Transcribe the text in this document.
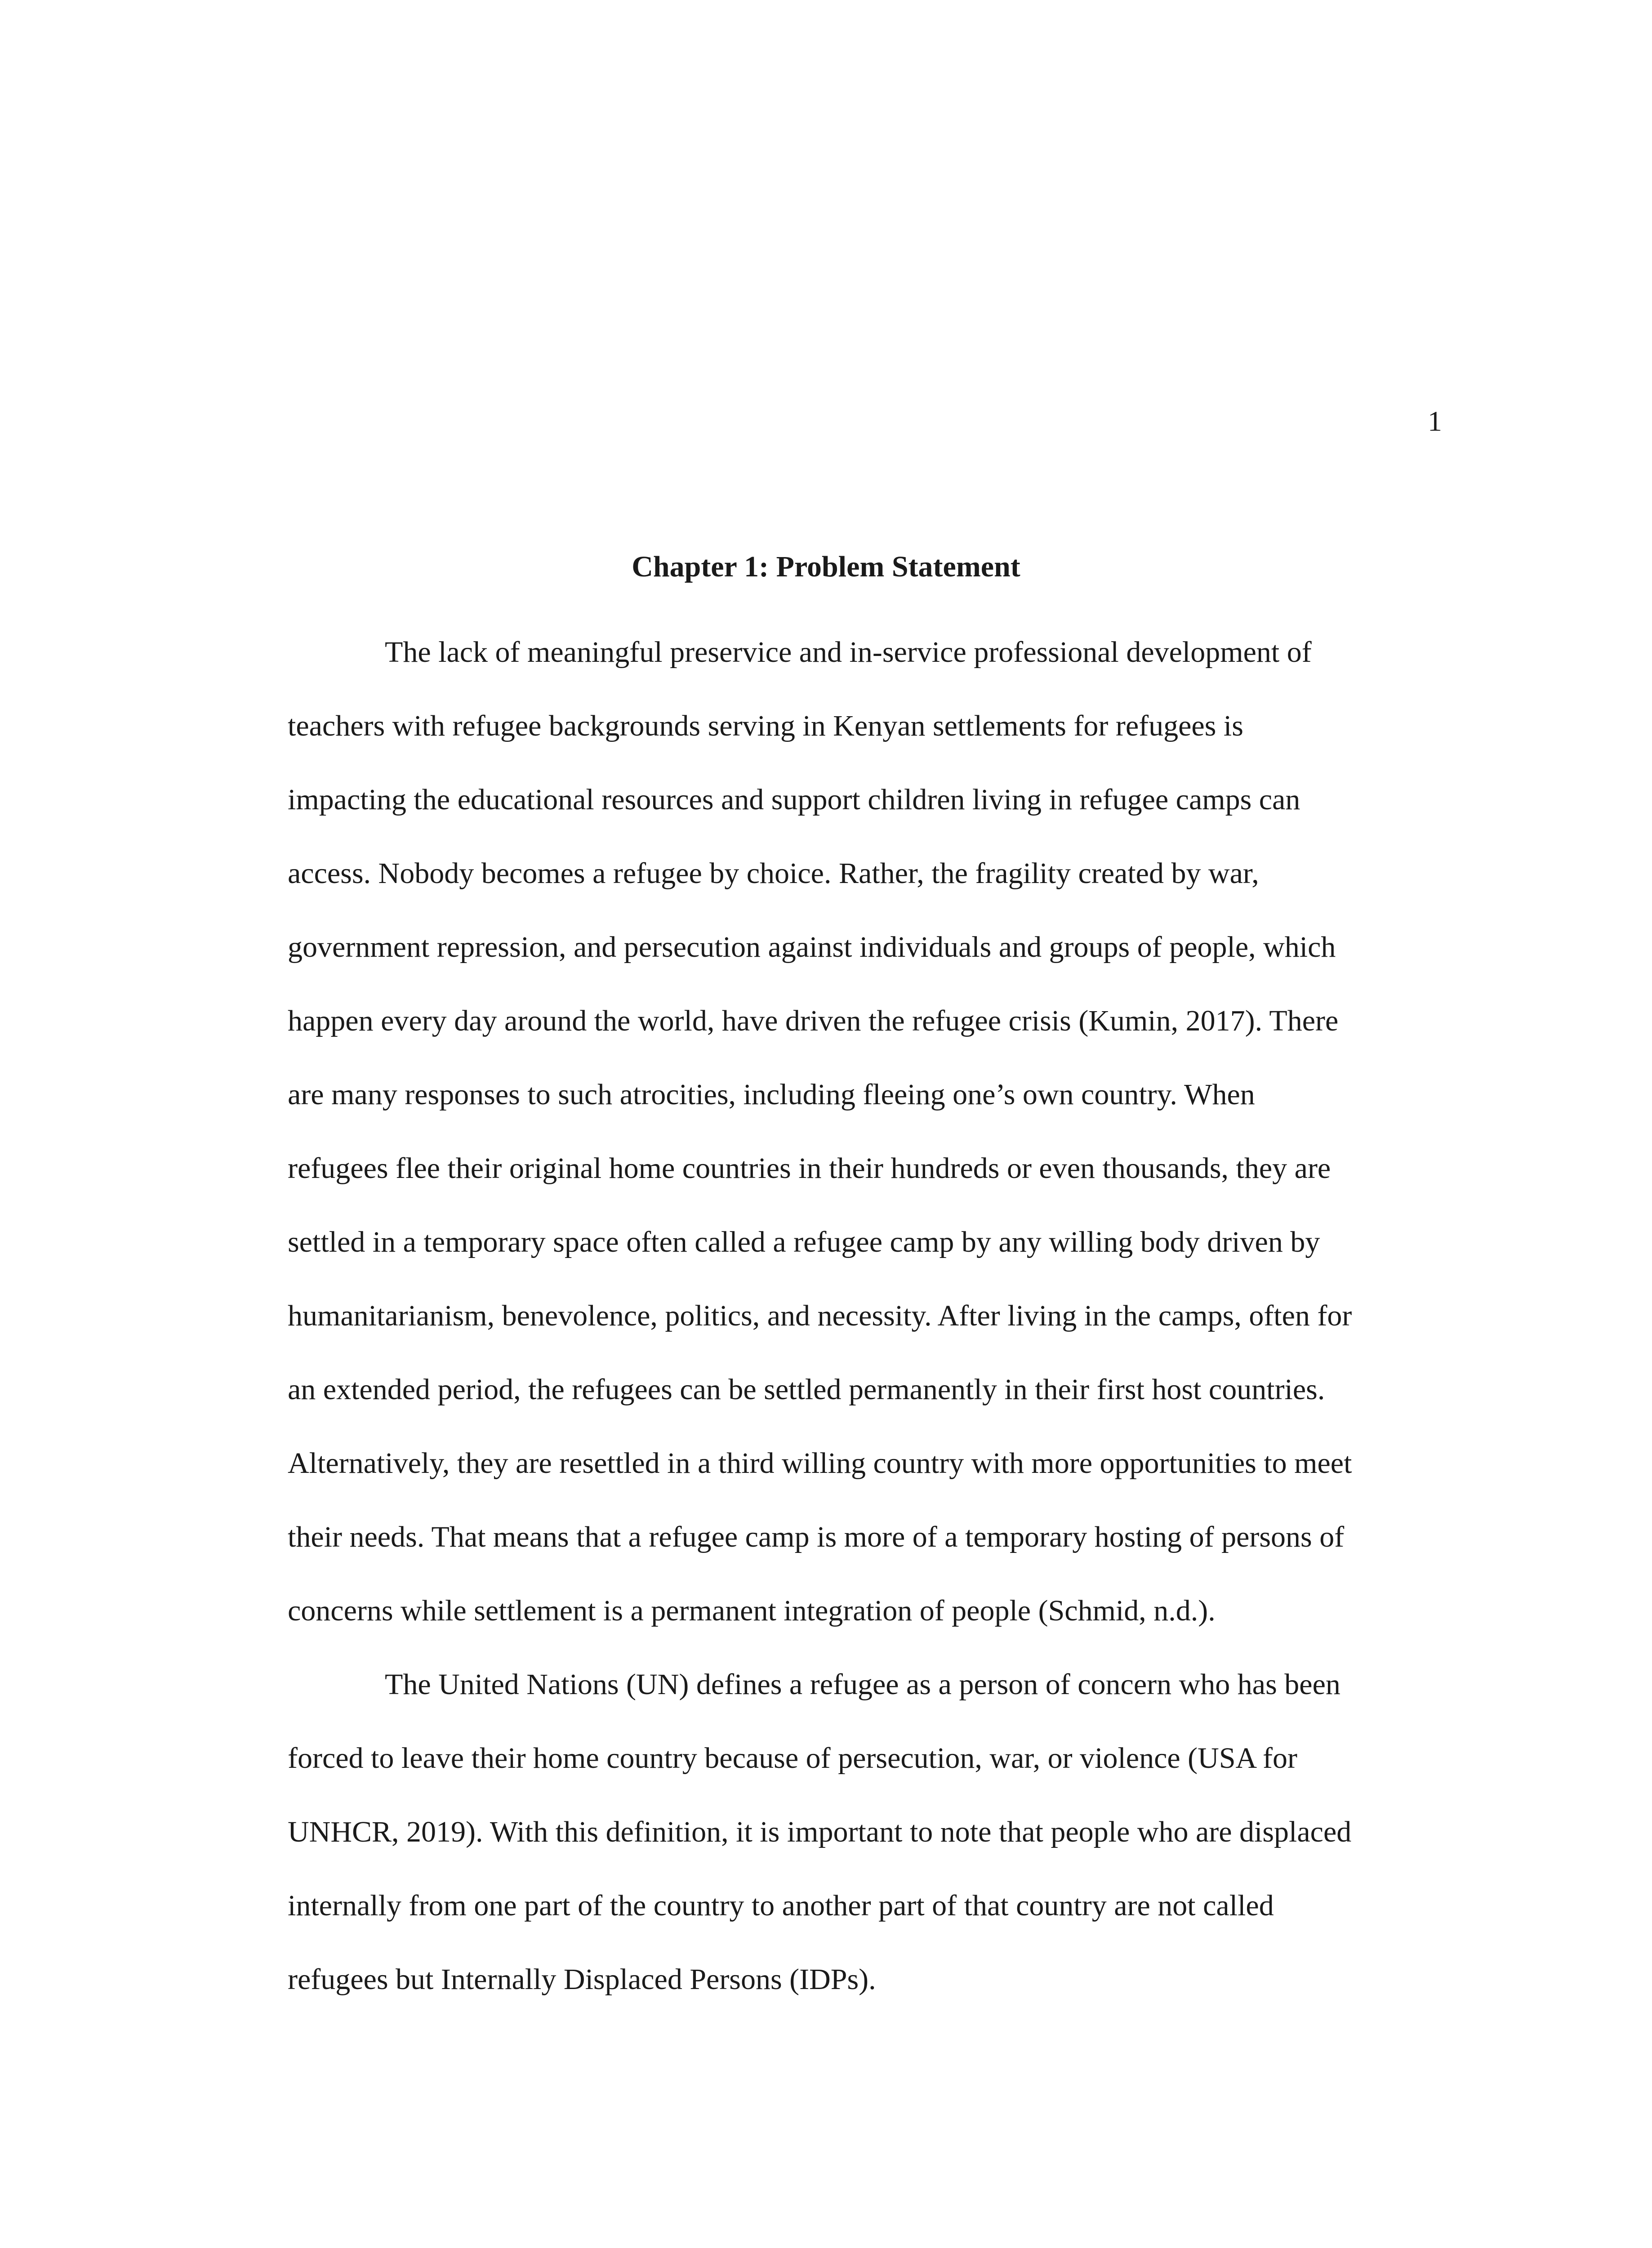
1
Chapter 1: Problem Statement
The lack of meaningful preservice and in-service professional development of
teachers with refugee backgrounds serving in Kenyan settlements for refugees is
impacting the educational resources and support children living in refugee camps can
access. Nobody becomes a refugee by choice. Rather, the fragility created by war,
government repression, and persecution against individuals and groups of people, which
happen every day around the world, have driven the refugee crisis (Kumin, 2017). There
are many responses to such atrocities, including fleeing one’s own country. When
refugees flee their original home countries in their hundreds or even thousands, they are
settled in a temporary space often called a refugee camp by any willing body driven by
humanitarianism, benevolence, politics, and necessity. After living in the camps, often for
an extended period, the refugees can be settled permanently in their first host countries.
Alternatively, they are resettled in a third willing country with more opportunities to meet
their needs. That means that a refugee camp is more of a temporary hosting of persons of
concerns while settlement is a permanent integration of people (Schmid, n.d.).
The United Nations (UN) defines a refugee as a person of concern who has been
forced to leave their home country because of persecution, war, or violence (USA for
UNHCR, 2019). With this definition, it is important to note that people who are displaced
internally from one part of the country to another part of that country are not called
refugees but Internally Displaced Persons (IDPs).
